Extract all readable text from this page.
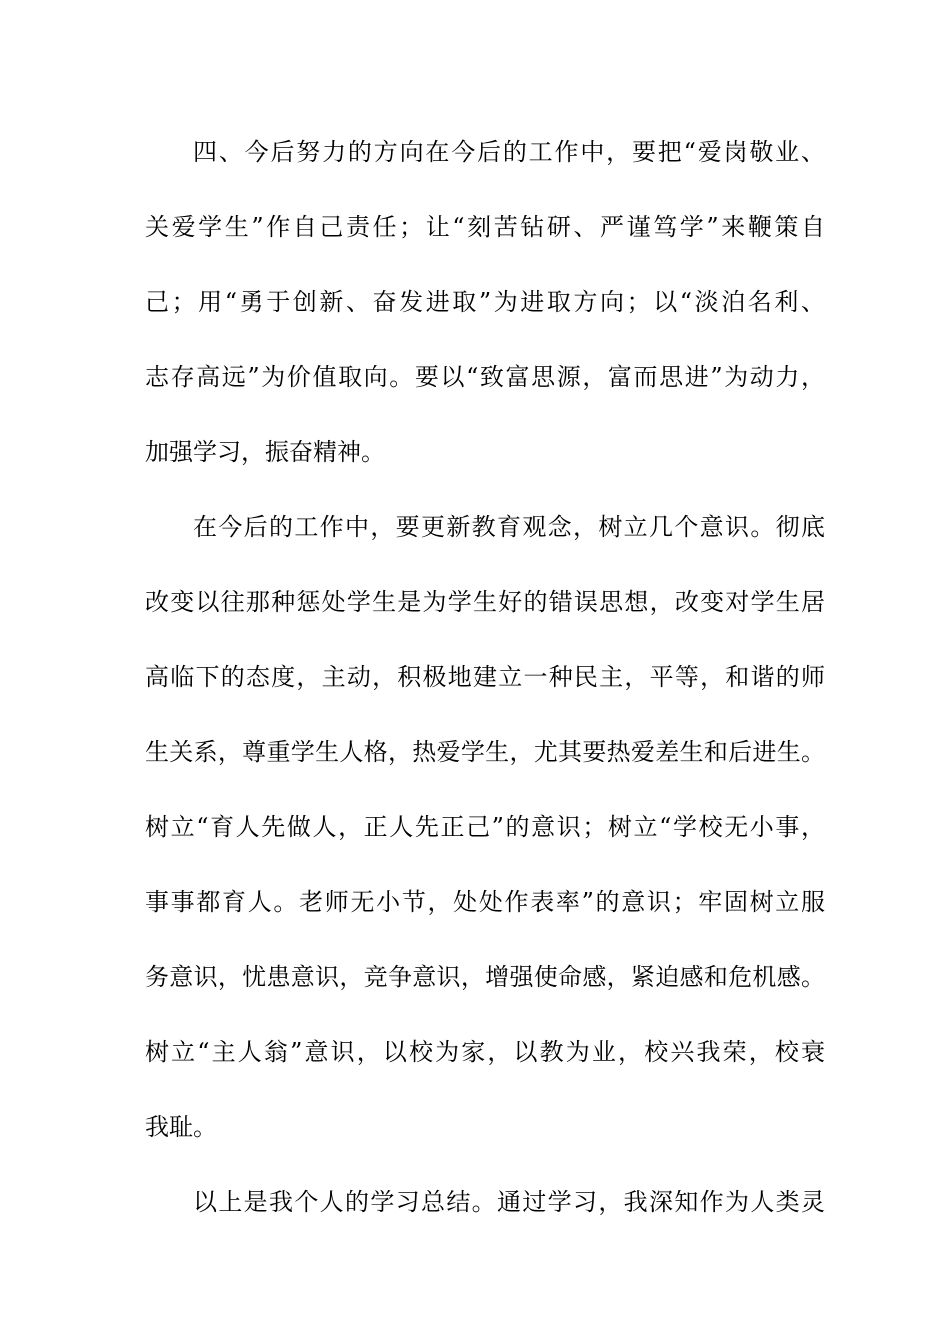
四、今后努力的方向在今后的工作中，要把“爱岗敬业、
关爱学生”作自己责任；让“刻苦钻研、严谨笃学”来鞭策自
己；用“勇于创新、奋发进取”为进取方向；以“淡泊名利、
志存高远”为价值取向。要以“致富思源，富而思进”为动力，
加强学习，振奋精神。
在今后的工作中，要更新教育观念，树立几个意识。彻底
改变以往那种惩处学生是为学生好的错误思想，改变对学生居
高临下的态度，主动，积极地建立一种民主，平等，和谐的师
生关系，尊重学生人格，热爱学生，尤其要热爱差生和后进生。
树立“育人先做人，正人先正己”的意识；树立“学校无小事，
事事都育人。老师无小节，处处作表率”的意识；牢固树立服
务意识，忧患意识，竞争意识，增强使命感，紧迫感和危机感。
树立“主人翁”意识，以校为家，以教为业，校兴我荣，校衰
我耻。
以上是我个人的学习总结。通过学习，我深知作为人类灵
